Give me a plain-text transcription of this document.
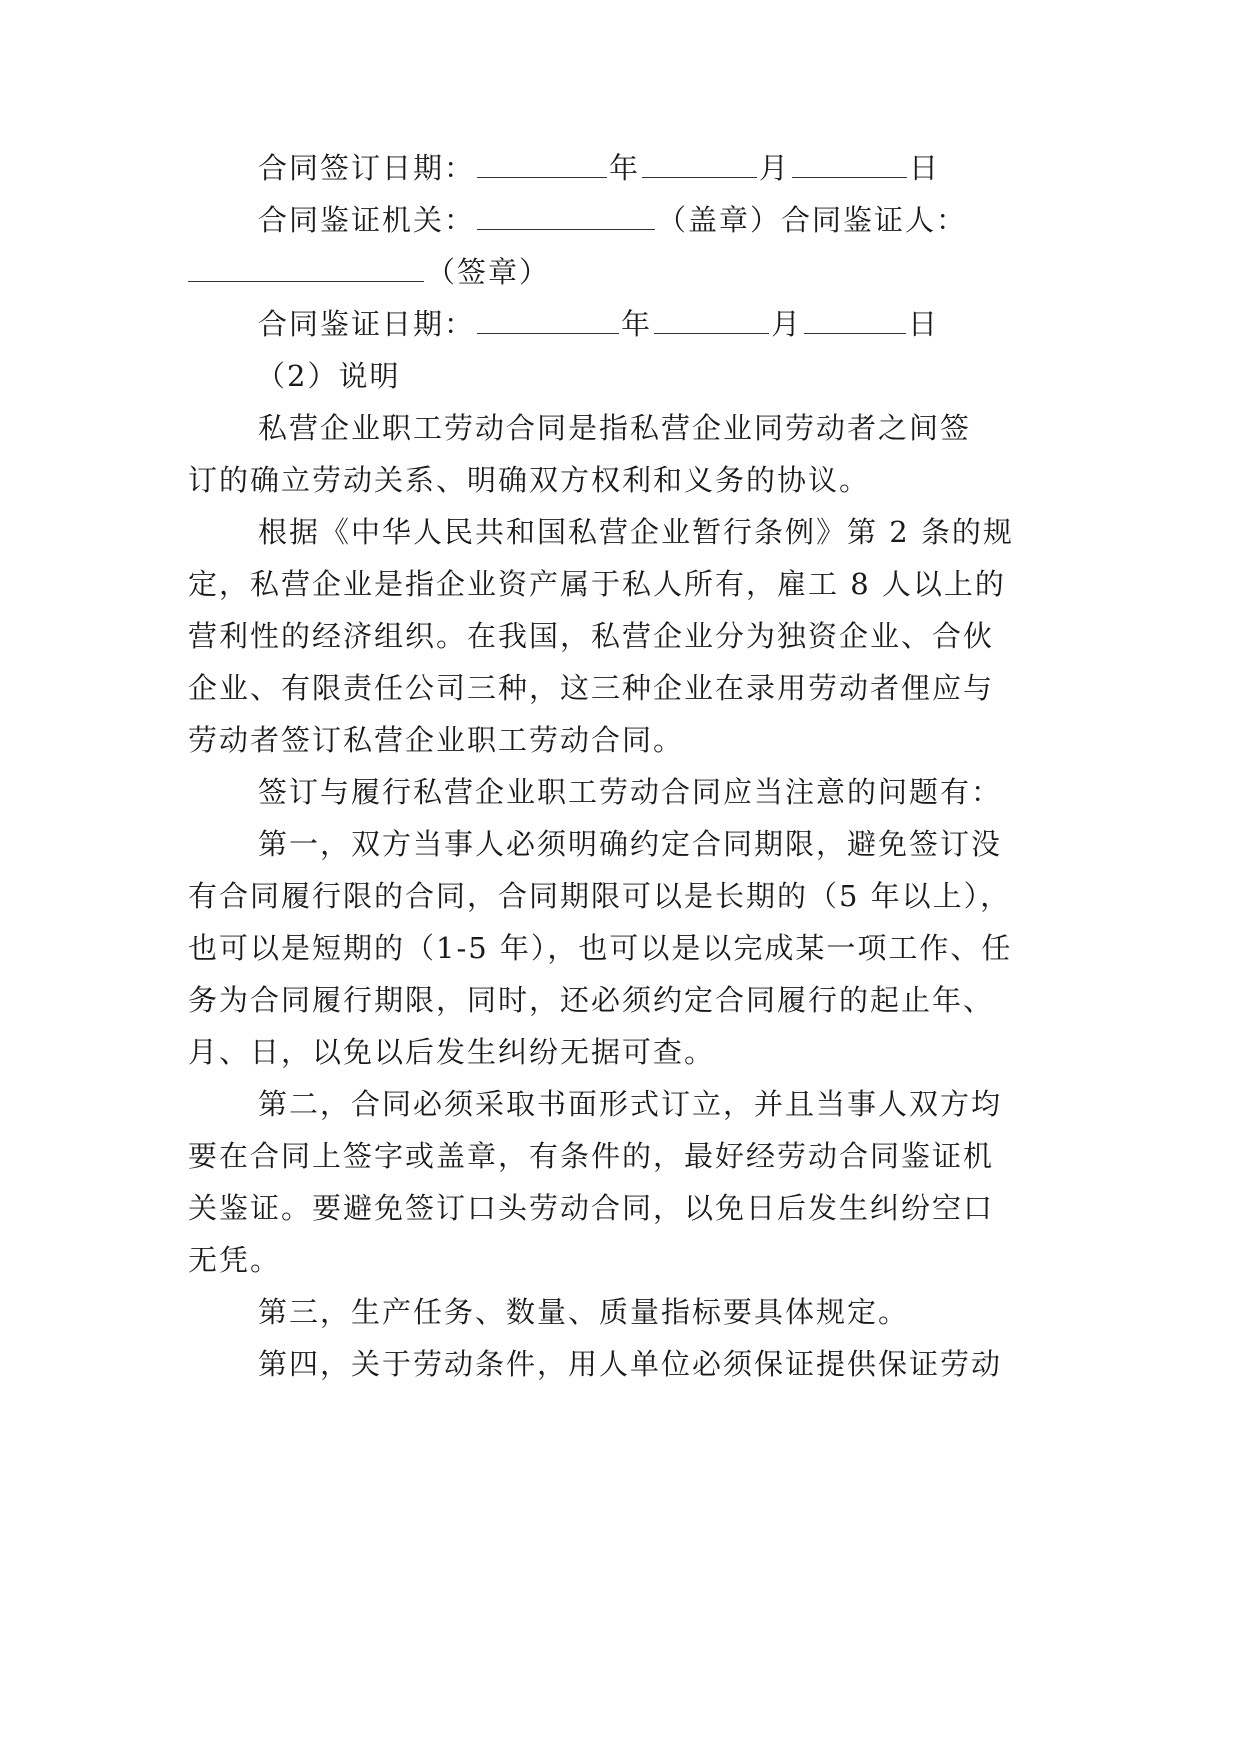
合同签订日期：	年	月	日
合同鉴证机关：	（盖章）合同鉴证人：
（签章）
合同鉴证日期：	年	月	日
（2）说明
私营企业职工劳动合同是指私营企业同劳动者之间签
订的确立劳动关系、明确双方权利和义务的协议。
根据《中华人民共和国私营企业暂行条例》第 2 条的规
定，私营企业是指企业资产属于私人所有，雇工 8 人以上的
营利性的经济组织。在我国，私营企业分为独资企业、合伙
企业、有限责任公司三种，这三种企业在录用劳动者俚应与
劳动者签订私营企业职工劳动合同。
签订与履行私营企业职工劳动合同应当注意的问题有：
第一，双方当事人必须明确约定合同期限，避免签订没
有合同履行限的合同，合同期限可以是长期的（5 年以上），
也可以是短期的（1-5 年），也可以是以完成某一项工作、任
务为合同履行期限，同时，还必须约定合同履行的起止年、
月、日，以免以后发生纠纷无据可查。
第二，合同必须采取书面形式订立，并且当事人双方均
要在合同上签字或盖章，有条件的，最好经劳动合同鉴证机
关鉴证。要避免签订口头劳动合同，以免日后发生纠纷空口
无凭。
第三，生产任务、数量、质量指标要具体规定。
第四，关于劳动条件，用人单位必须保证提供保证劳动
